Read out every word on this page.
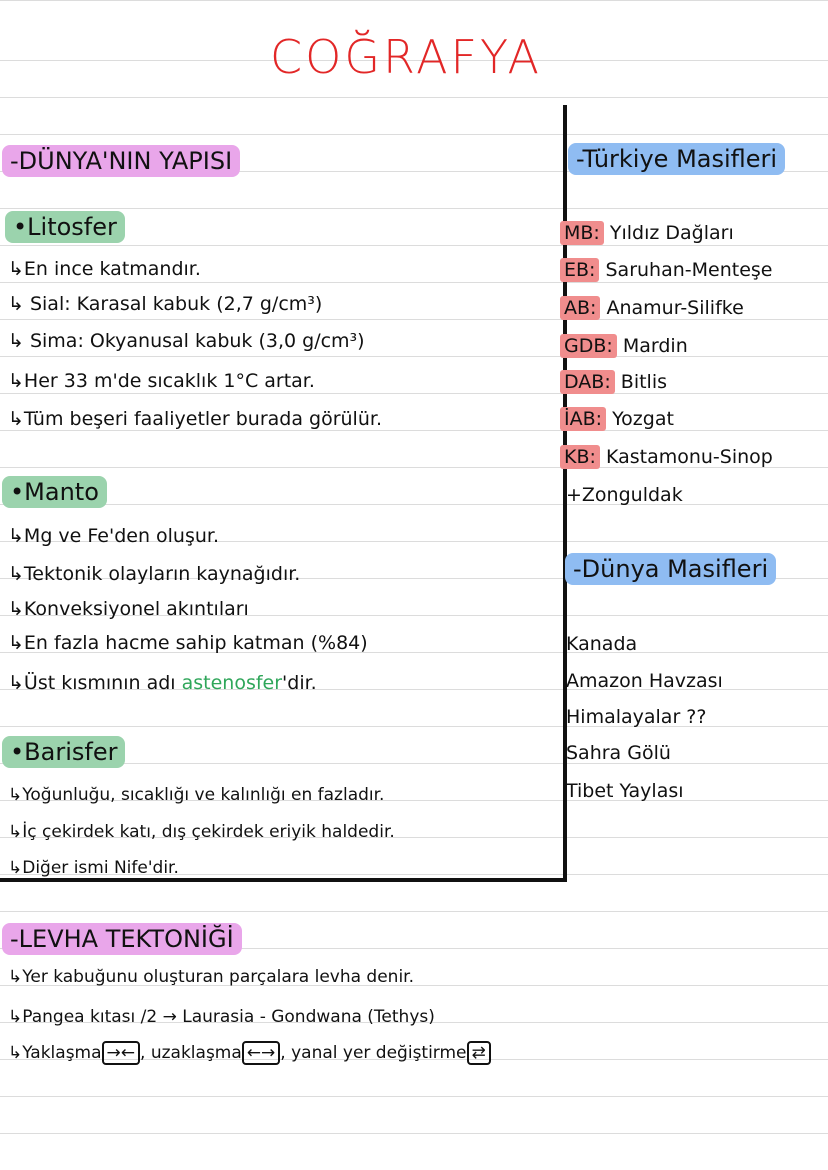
COĞRAFYA
-DÜNYA'NIN YAPISI
•Litosfer
↳En ince katmandır.
↳ Sial: Karasal kabuk (2,7 g/cm³)
↳ Sima: Okyanusal kabuk (3,0 g/cm³)
↳Her 33 m'de sıcaklık 1°C artar.
↳Tüm beşeri faaliyetler burada görülür.
•Manto
↳Mg ve Fe'den oluşur.
↳Tektonik olayların kaynağıdır.
↳Konveksiyonel akıntıları
↳En fazla hacme sahip katman (%84)
↳Üst kısmının adı astenosfer'dir.
•Barisfer
↳Yoğunluğu, sıcaklığı ve kalınlığı en fazladır.
↳İç çekirdek katı, dış çekirdek eriyik haldedir.
↳Diğer ismi Nife'dir.
-Türkiye Masifleri
MB: Yıldız Dağları
EB: Saruhan-Menteşe
AB: Anamur-Silifke
GDB: Mardin
DAB: Bitlis
İAB: Yozgat
KB: Kastamonu-Sinop
+Zonguldak
-Dünya Masifleri
Kanada
Amazon Havzası
Himalayalar ??
Sahra Gölü
Tibet Yaylası
-LEVHA TEKTONİĞİ
↳Yer kabuğunu oluşturan parçalara levha denir.
↳Pangea kıtası /2 → Laurasia - Gondwana (Tethys)
↳Yaklaşma →← , uzaklaşma ←→ , yanal yer değiştirme ⇄
